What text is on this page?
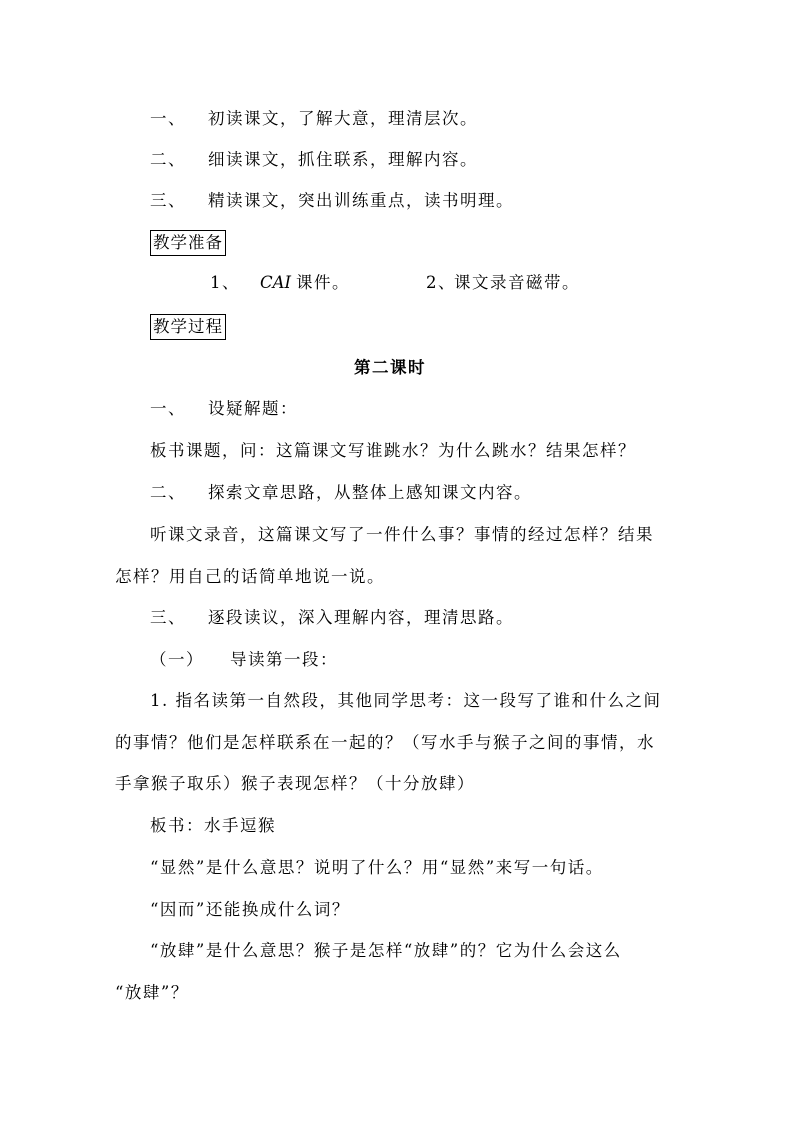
一、 初读课文，了解大意，理清层次。
二、 细读课文，抓住联系，理解内容。
三、 精读课文，突出训练重点，读书明理。
教学准备
1、 CAI 课件。	2、课文录音磁带。
教学过程
第二课时
一、 设疑解题：
板书课题，问：这篇课文写谁跳水？为什么跳水？结果怎样？
二、 探索文章思路，从整体上感知课文内容。
听课文录音，这篇课文写了一件什么事？事情的经过怎样？结果
怎样？用自己的话简单地说一说。
三、 逐段读议，深入理解内容，理清思路。
（一） 导读第一段：
1. 指名读第一自然段，其他同学思考：这一段写了谁和什么之间
的事情？他们是怎样联系在一起的？（写水手与猴子之间的事情，水
手拿猴子取乐）猴子表现怎样？（十分放肆）
板书：水手逗猴
“显然”是什么意思？说明了什么？用“显然”来写一句话。
“因而”还能换成什么词？
“放肆”是什么意思？猴子是怎样“放肆”的？它为什么会这么
“放肆”？
